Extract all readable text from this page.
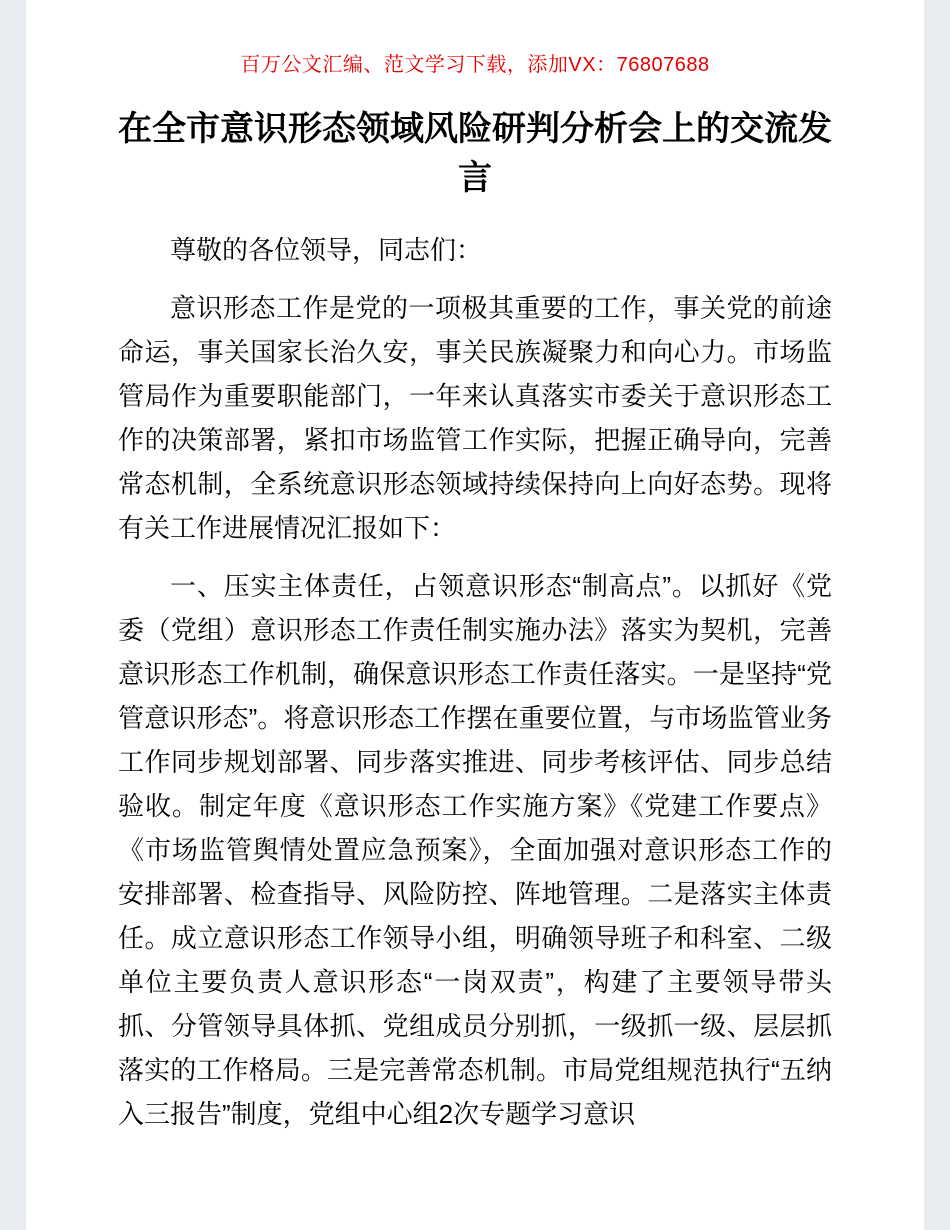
百万公文汇编、范文学习下载，添加VX：76807688
在全市意识形态领域风险研判分析会上的交流发言

尊敬的各位领导，同志们：

意识形态工作是党的一项极其重要的工作，事关党的前途命运，事关国家长治久安，事关民族凝聚力和向心力。市场监管局作为重要职能部门，一年来认真落实市委关于意识形态工作的决策部署，紧扣市场监管工作实际，把握正确导向，完善常态机制，全系统意识形态领域持续保持向上向好态势。现将有关工作进展情况汇报如下：

一、压实主体责任，占领意识形态“制高点”。以抓好《党委（党组）意识形态工作责任制实施办法》落实为契机，完善意识形态工作机制，确保意识形态工作责任落实。一是坚持“党管意识形态”。将意识形态工作摆在重要位置，与市场监管业务工作同步规划部署、同步落实推进、同步考核评估、同步总结验收。制定年度《意识形态工作实施方案》《党建工作要点》《市场监管舆情处置应急预案》，全面加强对意识形态工作的安排部署、检查指导、风险防控、阵地管理。二是落实主体责任。成立意识形态工作领导小组，明确领导班子和科室、二级单位主要负责人意识形态“一岗双责”，构建了主要领导带头抓、分管领导具体抓、党组成员分别抓，一级抓一级、层层抓落实的工作格局。三是完善常态机制。市局党组规范执行“五纳入三报告”制度，党组中心组2次专题学习意识
